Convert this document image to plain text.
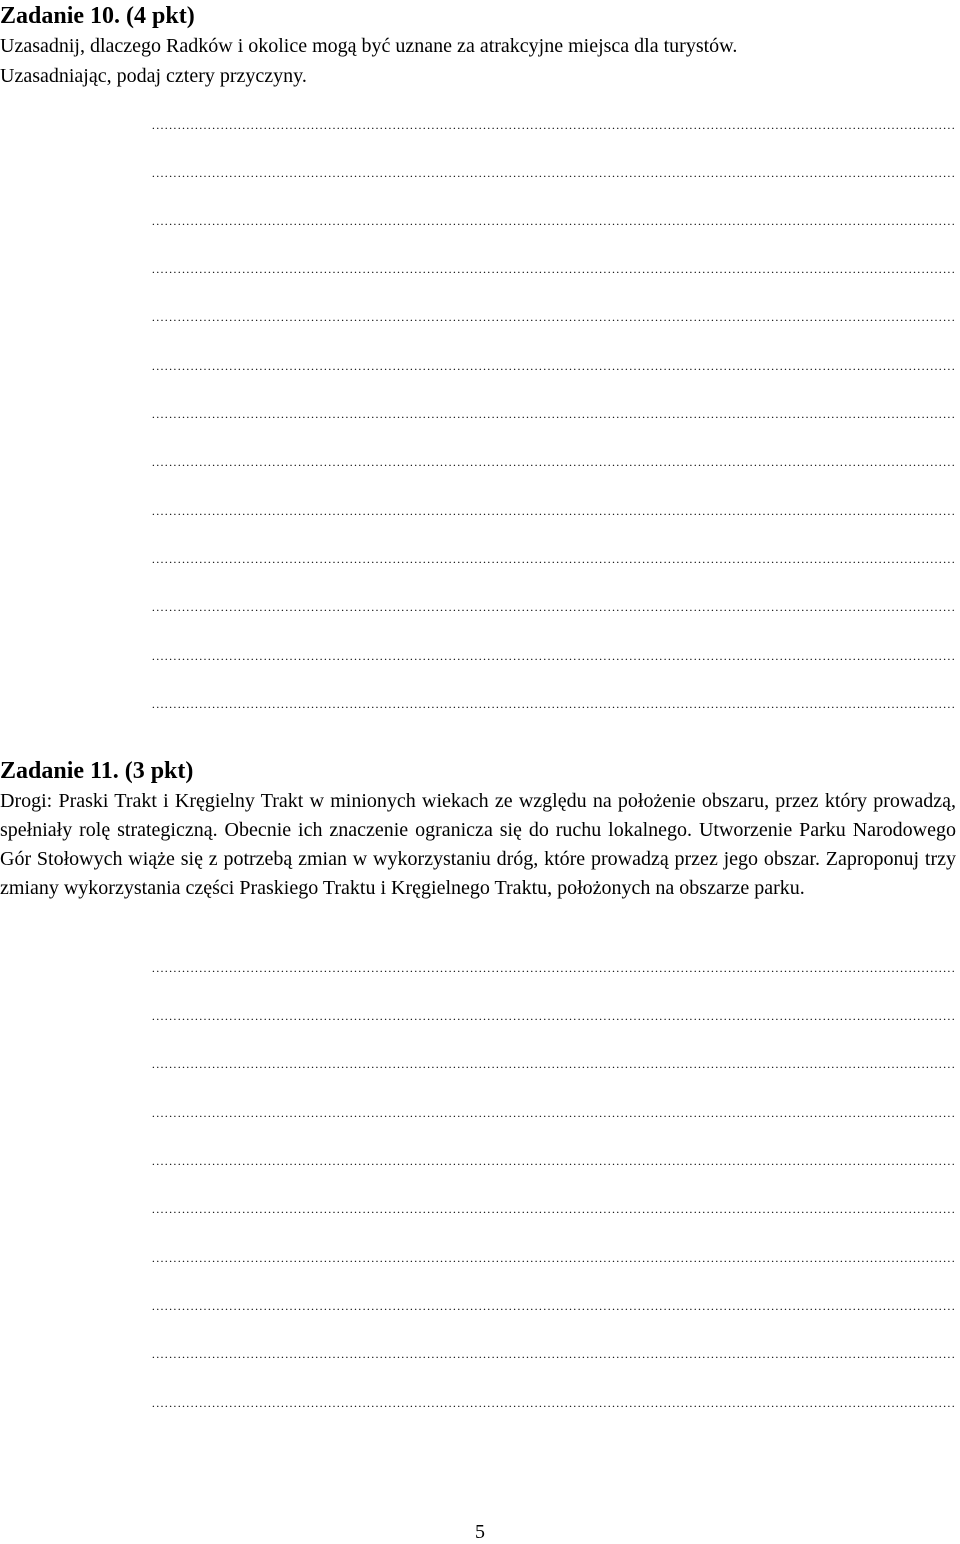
Zadanie 10. (4 pkt)
Uzasadnij, dlaczego Radków i okolice mogą być uznane za atrakcyjne miejsca dla turystów.
Uzasadniając, podaj cztery przyczyny.
...........................................................................................................................................................................................
...........................................................................................................................................................................................
...........................................................................................................................................................................................
...........................................................................................................................................................................................
...........................................................................................................................................................................................
...........................................................................................................................................................................................
...........................................................................................................................................................................................
...........................................................................................................................................................................................
...........................................................................................................................................................................................
...........................................................................................................................................................................................
...........................................................................................................................................................................................
...........................................................................................................................................................................................
...........................................................................................................................................................................................
Zadanie 11. (3 pkt)
Drogi: Praski Trakt i Kręgielny Trakt w minionych wiekach ze względu na położenie obszaru, przez który prowadzą, spełniały rolę strategiczną. Obecnie ich znaczenie ogranicza się do ruchu lokalnego. Utworzenie Parku Narodowego Gór Stołowych wiąże się z potrzebą zmian w wykorzystaniu dróg, które prowadzą przez jego obszar. Zaproponuj trzy zmiany wykorzystania części Praskiego Traktu i Kręgielnego Traktu, położonych na obszarze parku.
...........................................................................................................................................................................................
...........................................................................................................................................................................................
...........................................................................................................................................................................................
...........................................................................................................................................................................................
...........................................................................................................................................................................................
...........................................................................................................................................................................................
...........................................................................................................................................................................................
...........................................................................................................................................................................................
...........................................................................................................................................................................................
...........................................................................................................................................................................................
5
